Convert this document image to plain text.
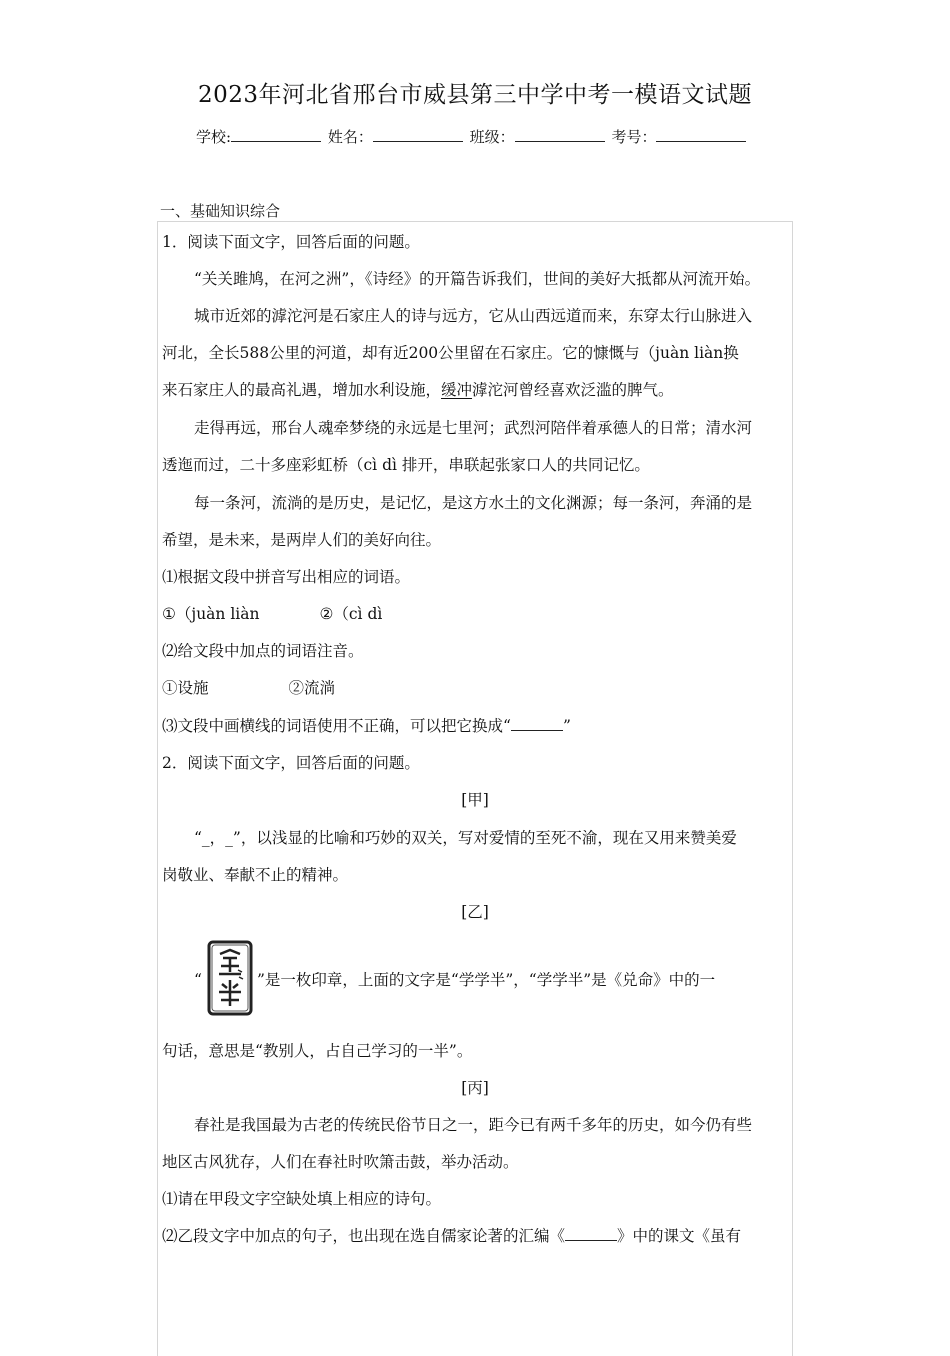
2023年河北省邢台市威县第三中学中考一模语文试题
学校:	姓名：	班级：	考号：
一、基础知识综合
1．阅读下面文字，回答后面的问题。
“关关雎鸠，在河之洲”，《诗经》的开篇告诉我们，世间的美好大抵都从河流开始。
城市近郊的滹沱河是石家庄人的诗与远方，它从山西远道而来，东穿太行山脉进入
河北，全长588公里的河道，却有近200公里留在石家庄。它的慷慨与（juàn liàn换
来石家庄人的最高礼遇，增加水利设施，缓冲滹沱河曾经喜欢泛滥的脾气。
走得再远，邢台人魂牵梦绕的永远是七里河；武烈河陪伴着承德人的日常；清水河
透迤而过，二十多座彩虹桥（cì dì 排开，串联起张家口人的共同记忆。
每一条河，流淌的是历史，是记忆，是这方水土的文化渊源；每一条河，奔涌的是
希望，是未来，是两岸人们的美好向往。
⑴根据文段中拼音写出相应的词语。
①（juàn liàn	②（cì dì
⑵给文段中加点的词语注音。
①设施	②流淌
⑶文段中画横线的词语使用不正确，可以把它换成“	”
2．阅读下面文字，回答后面的问题。
[甲]
“_，_”，以浅显的比喻和巧妙的双关，写对爱情的至死不渝，现在又用来赞美爱
岗敬业、奉献不止的精神。
[乙]
“	”是一枚印章，上面的文字是“学学半”，“学学半”是《兑命》中的一
句话，意思是“教别人，占自己学习的一半”。
[丙]
春社是我国最为古老的传统民俗节日之一，距今已有两千多年的历史，如今仍有些
地区古风犹存，人们在春社时吹箫击鼓，举办活动。
⑴请在甲段文字空缺处填上相应的诗句。
⑵乙段文字中加点的句子，也出现在选自儒家论著的汇编《	》中的课文《虽有
